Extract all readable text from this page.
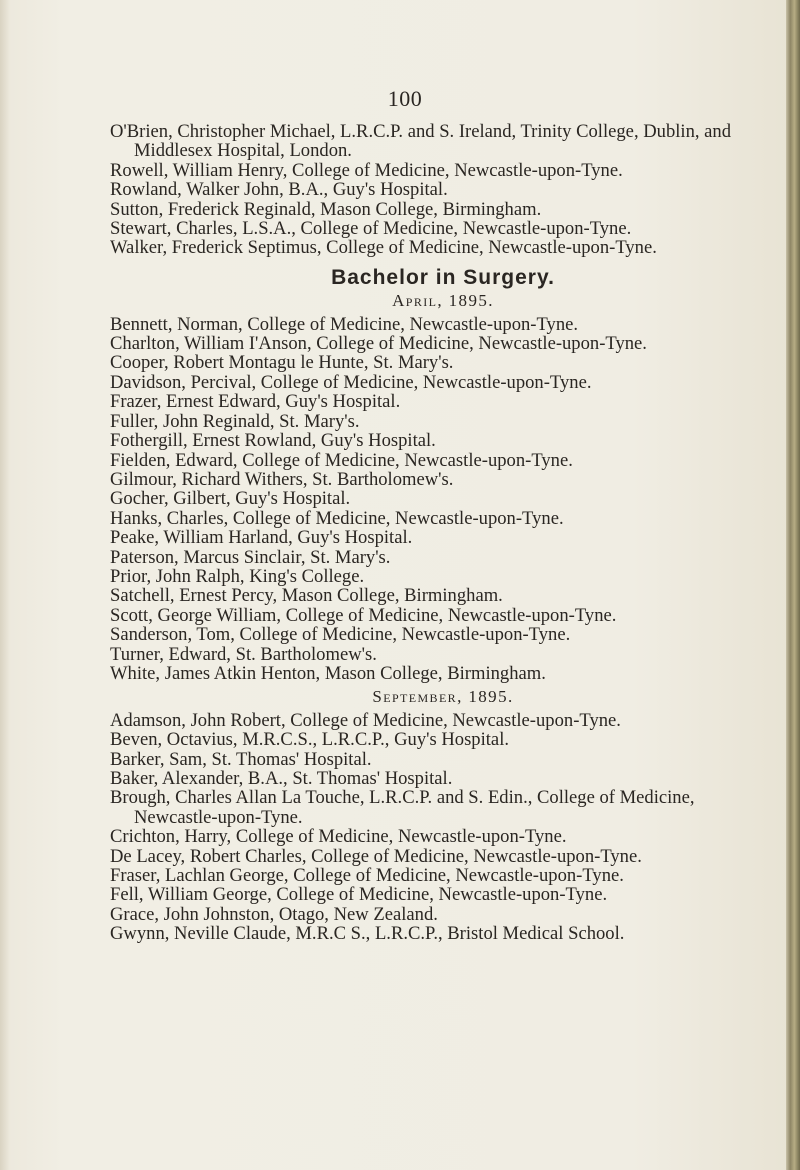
100

O'Brien, Christopher Michael, L.R.C.P. and S. Ireland, Trinity College, Dublin, and Middlesex Hospital, London.

Rowell, William Henry, College of Medicine, Newcastle-upon-Tyne.

Rowland, Walker John, B.A., Guy's Hospital.

Sutton, Frederick Reginald, Mason College, Birmingham.

Stewart, Charles, L.S.A., College of Medicine, Newcastle-upon-Tyne.

Walker, Frederick Septimus, College of Medicine, Newcastle-upon-Tyne.

Bachelor in Surgery.
April, 1895.

Bennett, Norman, College of Medicine, Newcastle-upon-Tyne.

Charlton, William I'Anson, College of Medicine, Newcastle-upon-Tyne.

Cooper, Robert Montagu le Hunte, St. Mary's.

Davidson, Percival, College of Medicine, Newcastle-upon-Tyne.

Frazer, Ernest Edward, Guy's Hospital.

Fuller, John Reginald, St. Mary's.

Fothergill, Ernest Rowland, Guy's Hospital.

Fielden, Edward, College of Medicine, Newcastle-upon-Tyne.

Gilmour, Richard Withers, St. Bartholomew's.

Gocher, Gilbert, Guy's Hospital.

Hanks, Charles, College of Medicine, Newcastle-upon-Tyne.

Peake, William Harland, Guy's Hospital.

Paterson, Marcus Sinclair, St. Mary's.

Prior, John Ralph, King's College.

Satchell, Ernest Percy, Mason College, Birmingham.

Scott, George William, College of Medicine, Newcastle-upon-Tyne.

Sanderson, Tom, College of Medicine, Newcastle-upon-Tyne.

Turner, Edward, St. Bartholomew's.

White, James Atkin Henton, Mason College, Birmingham.

September, 1895.

Adamson, John Robert, College of Medicine, Newcastle-upon-Tyne.

Beven, Octavius, M.R.C.S., L.R.C.P., Guy's Hospital.

Barker, Sam, St. Thomas' Hospital.

Baker, Alexander, B.A., St. Thomas' Hospital.

Brough, Charles Allan La Touche, L.R.C.P. and S. Edin., College of Medicine, Newcastle-upon-Tyne.

Crichton, Harry, College of Medicine, Newcastle-upon-Tyne.

De Lacey, Robert Charles, College of Medicine, Newcastle-upon-Tyne.

Fraser, Lachlan George, College of Medicine, Newcastle-upon-Tyne.

Fell, William George, College of Medicine, Newcastle-upon-Tyne.

Grace, John Johnston, Otago, New Zealand.

Gwynn, Neville Claude, M.R.C S., L.R.C.P., Bristol Medical School.
